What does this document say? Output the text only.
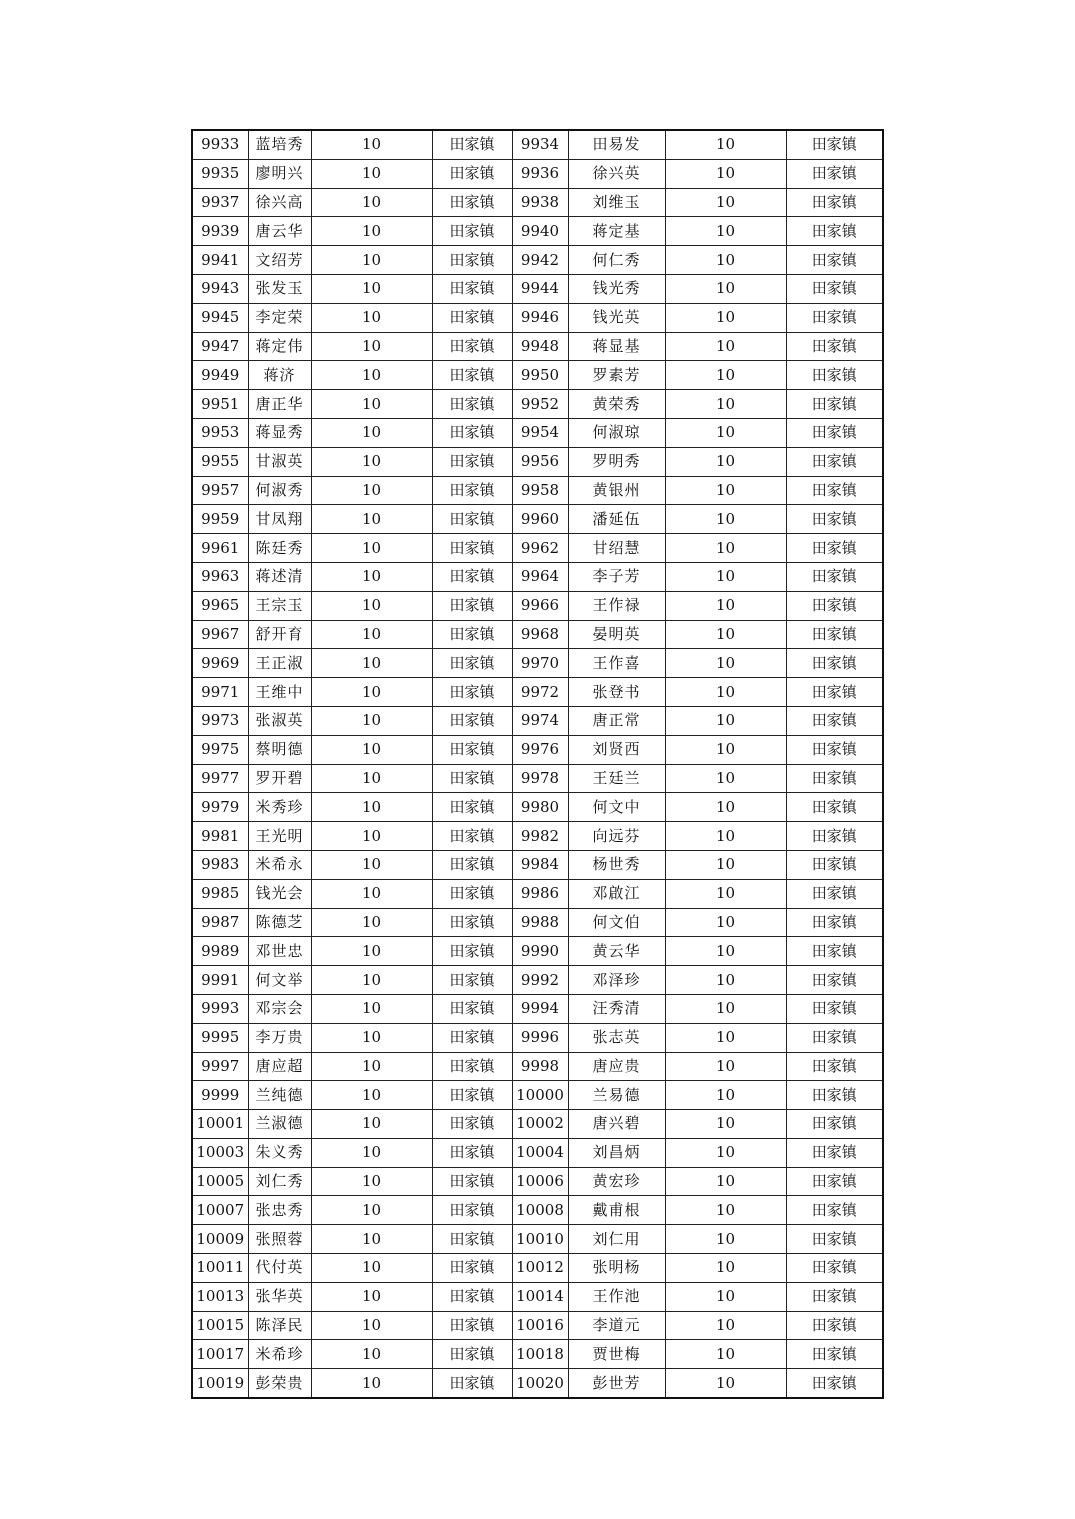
9933	蓝培秀	10	田家镇	9934	田易发	10	田家镇
9935	廖明兴	10	田家镇	9936	徐兴英	10	田家镇
9937	徐兴高	10	田家镇	9938	刘维玉	10	田家镇
9939	唐云华	10	田家镇	9940	蒋定基	10	田家镇
9941	文绍芳	10	田家镇	9942	何仁秀	10	田家镇
9943	张发玉	10	田家镇	9944	钱光秀	10	田家镇
9945	李定荣	10	田家镇	9946	钱光英	10	田家镇
9947	蒋定伟	10	田家镇	9948	蒋显基	10	田家镇
9949	蒋济	10	田家镇	9950	罗素芳	10	田家镇
9951	唐正华	10	田家镇	9952	黄荣秀	10	田家镇
9953	蒋显秀	10	田家镇	9954	何淑琼	10	田家镇
9955	甘淑英	10	田家镇	9956	罗明秀	10	田家镇
9957	何淑秀	10	田家镇	9958	黄银州	10	田家镇
9959	甘凤翔	10	田家镇	9960	潘延伍	10	田家镇
9961	陈廷秀	10	田家镇	9962	甘绍慧	10	田家镇
9963	蒋述清	10	田家镇	9964	李子芳	10	田家镇
9965	王宗玉	10	田家镇	9966	王作禄	10	田家镇
9967	舒开育	10	田家镇	9968	晏明英	10	田家镇
9969	王正淑	10	田家镇	9970	王作喜	10	田家镇
9971	王维中	10	田家镇	9972	张登书	10	田家镇
9973	张淑英	10	田家镇	9974	唐正常	10	田家镇
9975	蔡明德	10	田家镇	9976	刘贤西	10	田家镇
9977	罗开碧	10	田家镇	9978	王廷兰	10	田家镇
9979	米秀珍	10	田家镇	9980	何文中	10	田家镇
9981	王光明	10	田家镇	9982	向远芬	10	田家镇
9983	米希永	10	田家镇	9984	杨世秀	10	田家镇
9985	钱光会	10	田家镇	9986	邓啟江	10	田家镇
9987	陈德芝	10	田家镇	9988	何文伯	10	田家镇
9989	邓世忠	10	田家镇	9990	黄云华	10	田家镇
9991	何文举	10	田家镇	9992	邓泽珍	10	田家镇
9993	邓宗会	10	田家镇	9994	汪秀清	10	田家镇
9995	李万贵	10	田家镇	9996	张志英	10	田家镇
9997	唐应超	10	田家镇	9998	唐应贵	10	田家镇
9999	兰纯德	10	田家镇	10000	兰易德	10	田家镇
10001	兰淑德	10	田家镇	10002	唐兴碧	10	田家镇
10003	朱义秀	10	田家镇	10004	刘昌炳	10	田家镇
10005	刘仁秀	10	田家镇	10006	黄宏珍	10	田家镇
10007	张忠秀	10	田家镇	10008	戴甫根	10	田家镇
10009	张照蓉	10	田家镇	10010	刘仁用	10	田家镇
10011	代付英	10	田家镇	10012	张明杨	10	田家镇
10013	张华英	10	田家镇	10014	王作池	10	田家镇
10015	陈泽民	10	田家镇	10016	李道元	10	田家镇
10017	米希珍	10	田家镇	10018	贾世梅	10	田家镇
10019	彭荣贵	10	田家镇	10020	彭世芳	10	田家镇
